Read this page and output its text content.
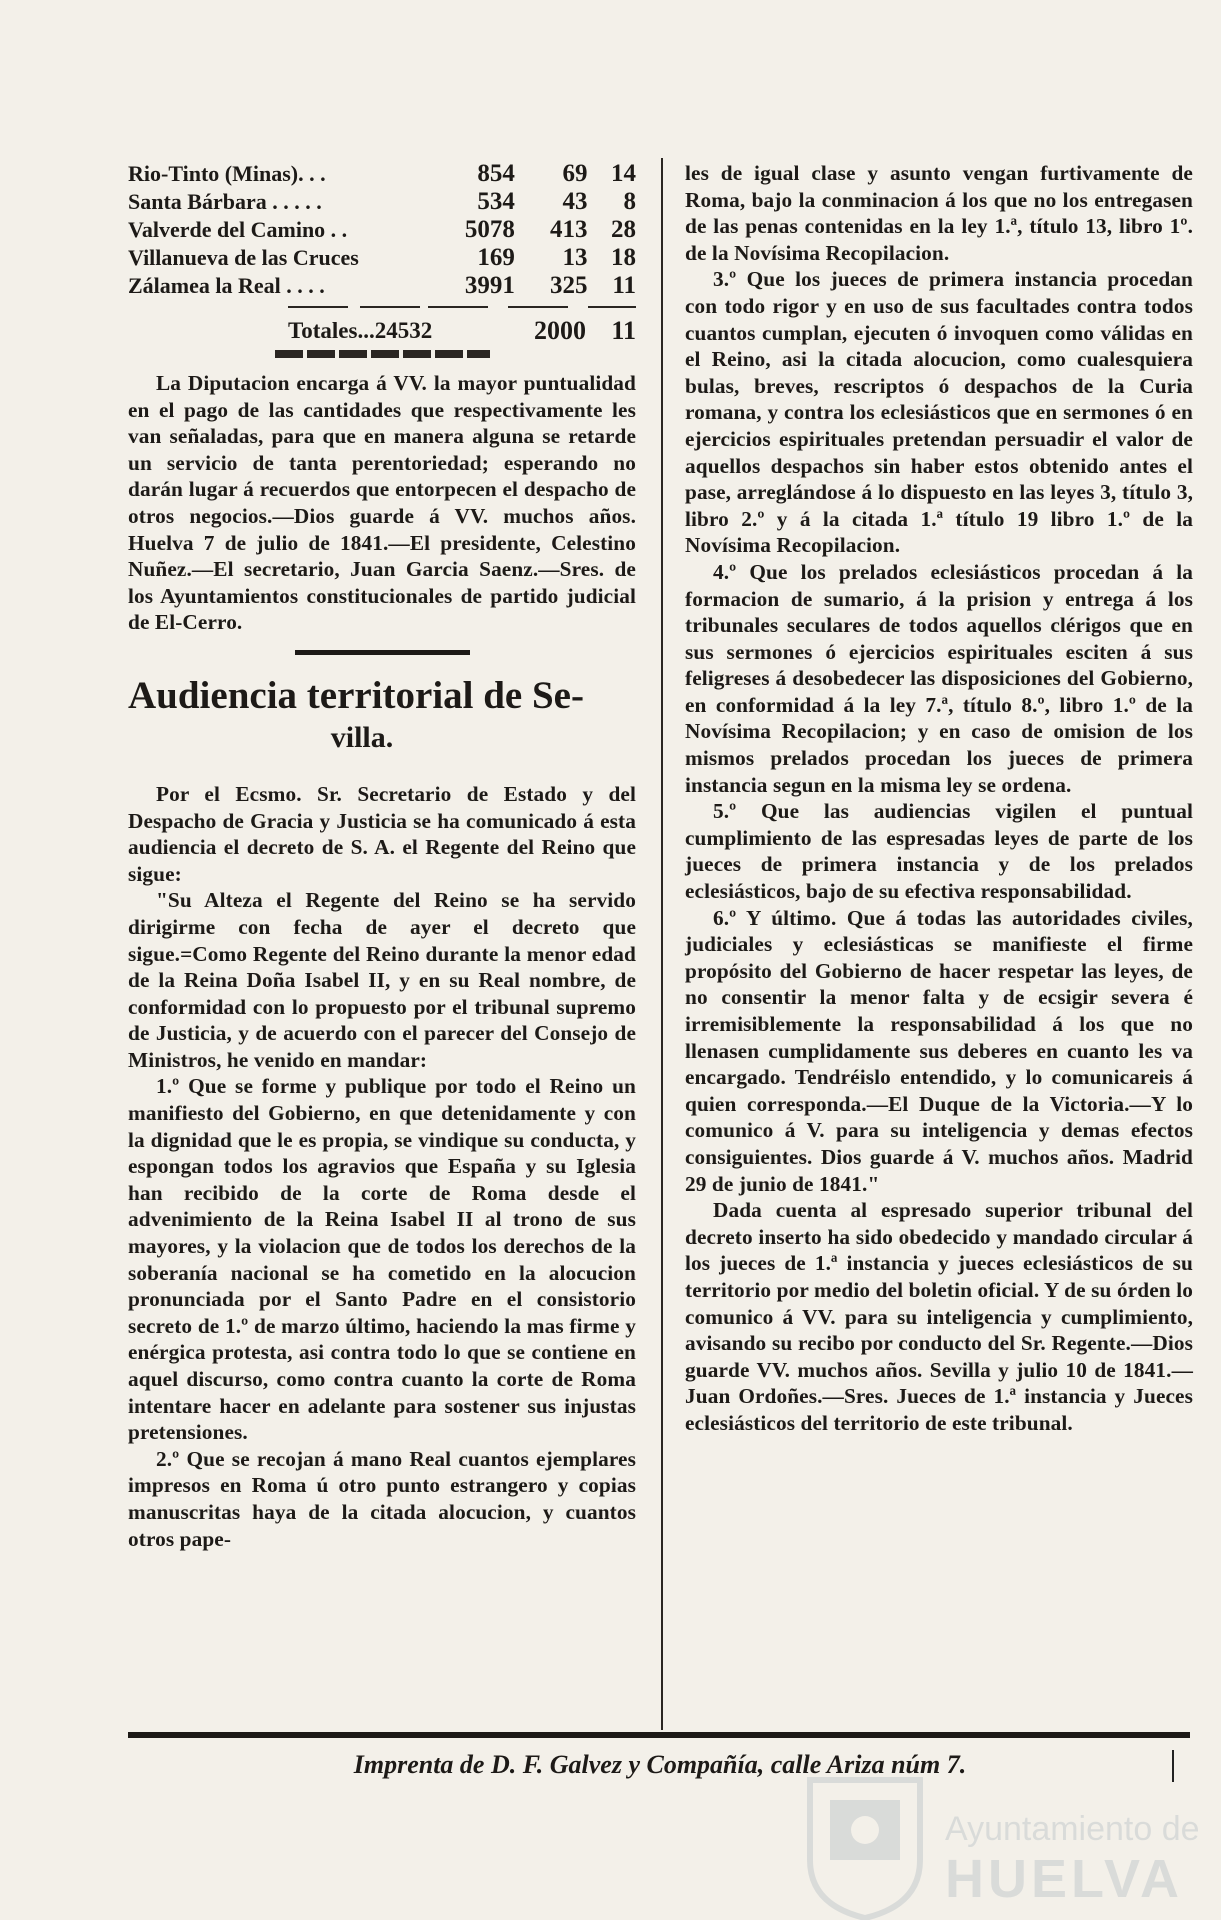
Rio-Tinto (Minas). . .	854	69	14
Santa Bárbara . . . . .	534	43	8
Valverde del Camino . .	5078	413	28
Villanueva de las Cruces	169	13	18
Zálamea la Real . . . .	3991	325	11
Totales...24532	2000 11

La Diputacion encarga á VV. la mayor puntualidad en el pago de las cantidades que respectivamente les van señaladas, para que en manera alguna se retarde un servicio de tanta perentoriedad; esperando no darán lugar á recuerdos que entorpecen el despacho de otros negocios.—Dios guarde á VV. muchos años. Huelva 7 de julio de 1841.—El presidente, Celestino Nuñez.—El secretario, Juan Garcia Saenz.—Sres. de los Ayuntamientos constitucionales de partido judicial de El-Cerro.

Audiencia territorial de Se-
villa.

Por el Ecsmo. Sr. Secretario de Estado y del Despacho de Gracia y Justicia se ha comunicado á esta audiencia el decreto de S. A. el Regente del Reino que sigue:

"Su Alteza el Regente del Reino se ha servido dirigirme con fecha de ayer el decreto que sigue.=Como Regente del Reino durante la menor edad de la Reina Doña Isabel II, y en su Real nombre, de conformidad con lo propuesto por el tribunal supremo de Justicia, y de acuerdo con el parecer del Consejo de Ministros, he venido en mandar:

1.º Que se forme y publique por todo el Reino un manifiesto del Gobierno, en que detenidamente y con la dignidad que le es propia, se vindique su conducta, y espongan todos los agravios que España y su Iglesia han recibido de la corte de Roma desde el advenimiento de la Reina Isabel II al trono de sus mayores, y la violacion que de todos los derechos de la soberanía nacional se ha cometido en la alocucion pronunciada por el Santo Padre en el consistorio secreto de 1.º de marzo último, haciendo la mas firme y enérgica protesta, asi contra todo lo que se contiene en aquel discurso, como contra cuanto la corte de Roma intentare hacer en adelante para sostener sus injustas pretensiones.

2.º Que se recojan á mano Real cuantos ejemplares impresos en Roma ú otro punto estrangero y copias manuscritas haya de la citada alocucion, y cuantos otros pape-

les de igual clase y asunto vengan furtivamente de Roma, bajo la conminacion á los que no los entregasen de las penas contenidas en la ley 1.ª, título 13, libro 1º. de la Novísima Recopilacion.

3.º Que los jueces de primera instancia procedan con todo rigor y en uso de sus facultades contra todos cuantos cumplan, ejecuten ó invoquen como válidas en el Reino, asi la citada alocucion, como cualesquiera bulas, breves, rescriptos ó despachos de la Curia romana, y contra los eclesiásticos que en sermones ó en ejercicios espirituales pretendan persuadir el valor de aquellos despachos sin haber estos obtenido antes el pase, arreglándose á lo dispuesto en las leyes 3, título 3, libro 2.º y á la citada 1.ª título 19 libro 1.º de la Novísima Recopilacion.

4.º Que los prelados eclesiásticos procedan á la formacion de sumario, á la prision y entrega á los tribunales seculares de todos aquellos clérigos que en sus sermones ó ejercicios espirituales esciten á sus feligreses á desobedecer las disposiciones del Gobierno, en conformidad á la ley 7.ª, título 8.º, libro 1.º de la Novísima Recopilacion; y en caso de omision de los mismos prelados procedan los jueces de primera instancia segun en la misma ley se ordena.

5.º Que las audiencias vigilen el puntual cumplimiento de las espresadas leyes de parte de los jueces de primera instancia y de los prelados eclesiásticos, bajo de su efectiva responsabilidad.

6.º Y último. Que á todas las autoridades civiles, judiciales y eclesiásticas se manifieste el firme propósito del Gobierno de hacer respetar las leyes, de no consentir la menor falta y de ecsigir severa é irremisiblemente la responsabilidad á los que no llenasen cumplidamente sus deberes en cuanto les va encargado. Tendréislo entendido, y lo comunicareis á quien corresponda.—El Duque de la Victoria.—Y lo comunico á V. para su inteligencia y demas efectos consiguientes. Dios guarde á V. muchos años. Madrid 29 de junio de 1841."

Dada cuenta al espresado superior tribunal del decreto inserto ha sido obedecido y mandado circular á los jueces de 1.ª instancia y jueces eclesiásticos de su territorio por medio del boletin oficial. Y de su órden lo comunico á VV. para su inteligencia y cumplimiento, avisando su recibo por conducto del Sr. Regente.—Dios guarde VV. muchos años. Sevilla y julio 10 de 1841.—Juan Ordoñes.—Sres. Jueces de 1.ª instancia y Jueces eclesiásticos del territorio de este tribunal.

Imprenta de D. F. Galvez y Compañía, calle Ariza núm 7.
Ayuntamiento de
HUELVA
